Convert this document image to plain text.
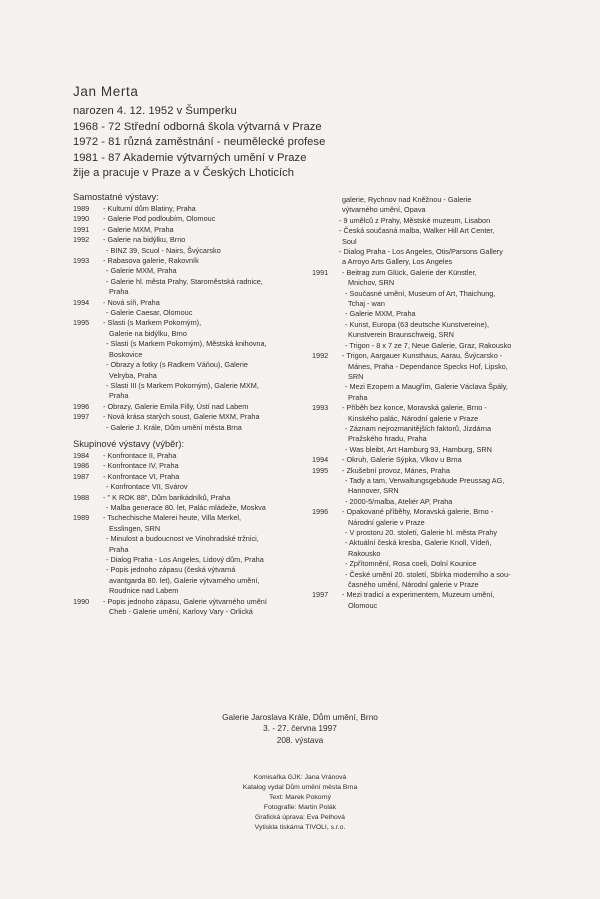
Jan Merta
narozen 4. 12. 1952 v Šumperku
1968 - 72 Střední odborná škola výtvarná v Praze
1972 - 81 různá zaměstnání - neumělecké profese
1981 - 87 Akademie výtvarných umění v Praze
žije a pracuje v Praze a v Českých Lhoticích
Samostatné výstavy:
1989	- Kulturní dům Blatiny, Praha
1990	- Galerie Pod podloubím, Olomouc
1991	- Galerie MXM, Praha
1992	- Galerie na bidýlku, Brno
- BINZ 39, Scuol - Nairs, Švýcarsko
1993	- Rabasova galerie, Rakovník
- Galerie MXM, Praha
- Galerie hl. města Prahy, Staroměstská radnice,
Praha
1994	- Nová síň, Praha
- Galerie Caesar, Olomouc
1995	- Slasti (s Markem Pokorným),
Galerie na bidýlku, Brno
- Slasti (s Markem Pokorným), Městská knihovna,
Boskovice
- Obrazy a fotky (s Radkem Váňou), Galerie
Velryba, Praha
- Slasti III (s Markem Pokorným), Galerie MXM,
Praha
1996	- Obrazy, Galerie Emila Filly, Ústí nad Labem
1997	- Nová krása starých soust, Galerie MXM, Praha
- Galerie J. Krále, Dům umění města Brna
Skupinové výstavy (výběr):
1984	- Konfrontace II, Praha
1986	- Konfrontace IV, Praha
1987	- Konfrontace VI, Praha
- Konfrontace VII, Svárov
1988	- " K ROK 88", Dům barikádníků, Praha
- Malba generace 80. let, Palác mládeže, Moskva
1989	- Tschechische Malerei heute, Villa Merkel,
Esslingen, SRN
- Minulost a budoucnost ve Vinohradské tržnici,
Praha
- Dialog Praha - Los Angeles, Lidový dům, Praha
- Popis jednoho zápasu (česká výtvarná
avantgarda 80. let), Galerie výtvarného umění,
Roudnice nad Labem
1990	- Popis jednoho zápasu, Galerie výtvarného umění
Cheb - Galerie umění, Karlovy Vary - Orlická
galerie, Rychnov nad Kněžnou - Galerie
výtvarného umění, Opava
- 9 umělců z Prahy, Městské muzeum, Lisabon
- Česká současná malba, Walker Hill Art Center,
Soul
- Dialog Praha - Los Angeles, Otis/Parsons Gallery
a Arroyo Arts Gallery, Los Angeles
1991	- Beitrag zum Glück, Galerie der Künstler,
Mnichov, SRN
- Současné umění, Museum of Art, Thaichung,
Tchaj - wan
- Galerie MXM, Praha
- Kunst, Europa (63 deutsche Kunstvereine),
Kunstverein Braunschweig, SRN
- Trigon - 8 x 7 ze 7, Neue Galerie, Graz, Rakousko
1992	- Trigon, Aargauer Kunsthaus, Aarau, Švýcarsko -
Mánes, Praha - Dependance Specks Hof, Lipsko,
SRN
- Mezi Ezopem a Maugřím, Galerie Václava Špály,
Praha
1993	- Příběh bez konce, Moravská galerie, Brno -
Kinského palác, Národní galerie v Praze
- Záznam nejrozmanitějších faktorů, Jízdárna
Pražského hradu, Praha
- Was bleibt, Art Hamburg 93, Hamburg, SRN
1994	- Okruh, Galerie Sýpka, Vlkov u Brna
1995	- Zkušební provoz, Mánes, Praha
- Tady a tam, Verwaltungsgebäude Preussag AG,
Hannover, SRN
- 2000-5/malba, Ateliér AP, Praha
1996	- Opakované příběhy, Moravská galerie, Brno -
Národní galerie v Praze
- V prostoru 20. století, Galerie hl. města Prahy
- Aktuální česká kresba, Galerie Knoll, Vídeň,
Rakousko
- Zpřítomnění, Rosa coeli, Dolní Kounice
- České umění 20. století, Sbírka moderního a sou-
časného umění, Národní galerie v Praze
1997	- Mezi tradicí a experimentem, Muzeum umění,
Olomouc
Galerie Jaroslava Krále, Dům umění, Brno
3. - 27. června 1997
208. výstava
Komisařka GJK: Jana Vránová
Katalog vydal Dům umění města Brna
Text: Marek Pokorný
Fotografie: Martin Polák
Grafická úprava: Eva Pelhová
Vytiskla tiskárna TIVOLI, s.r.o.
